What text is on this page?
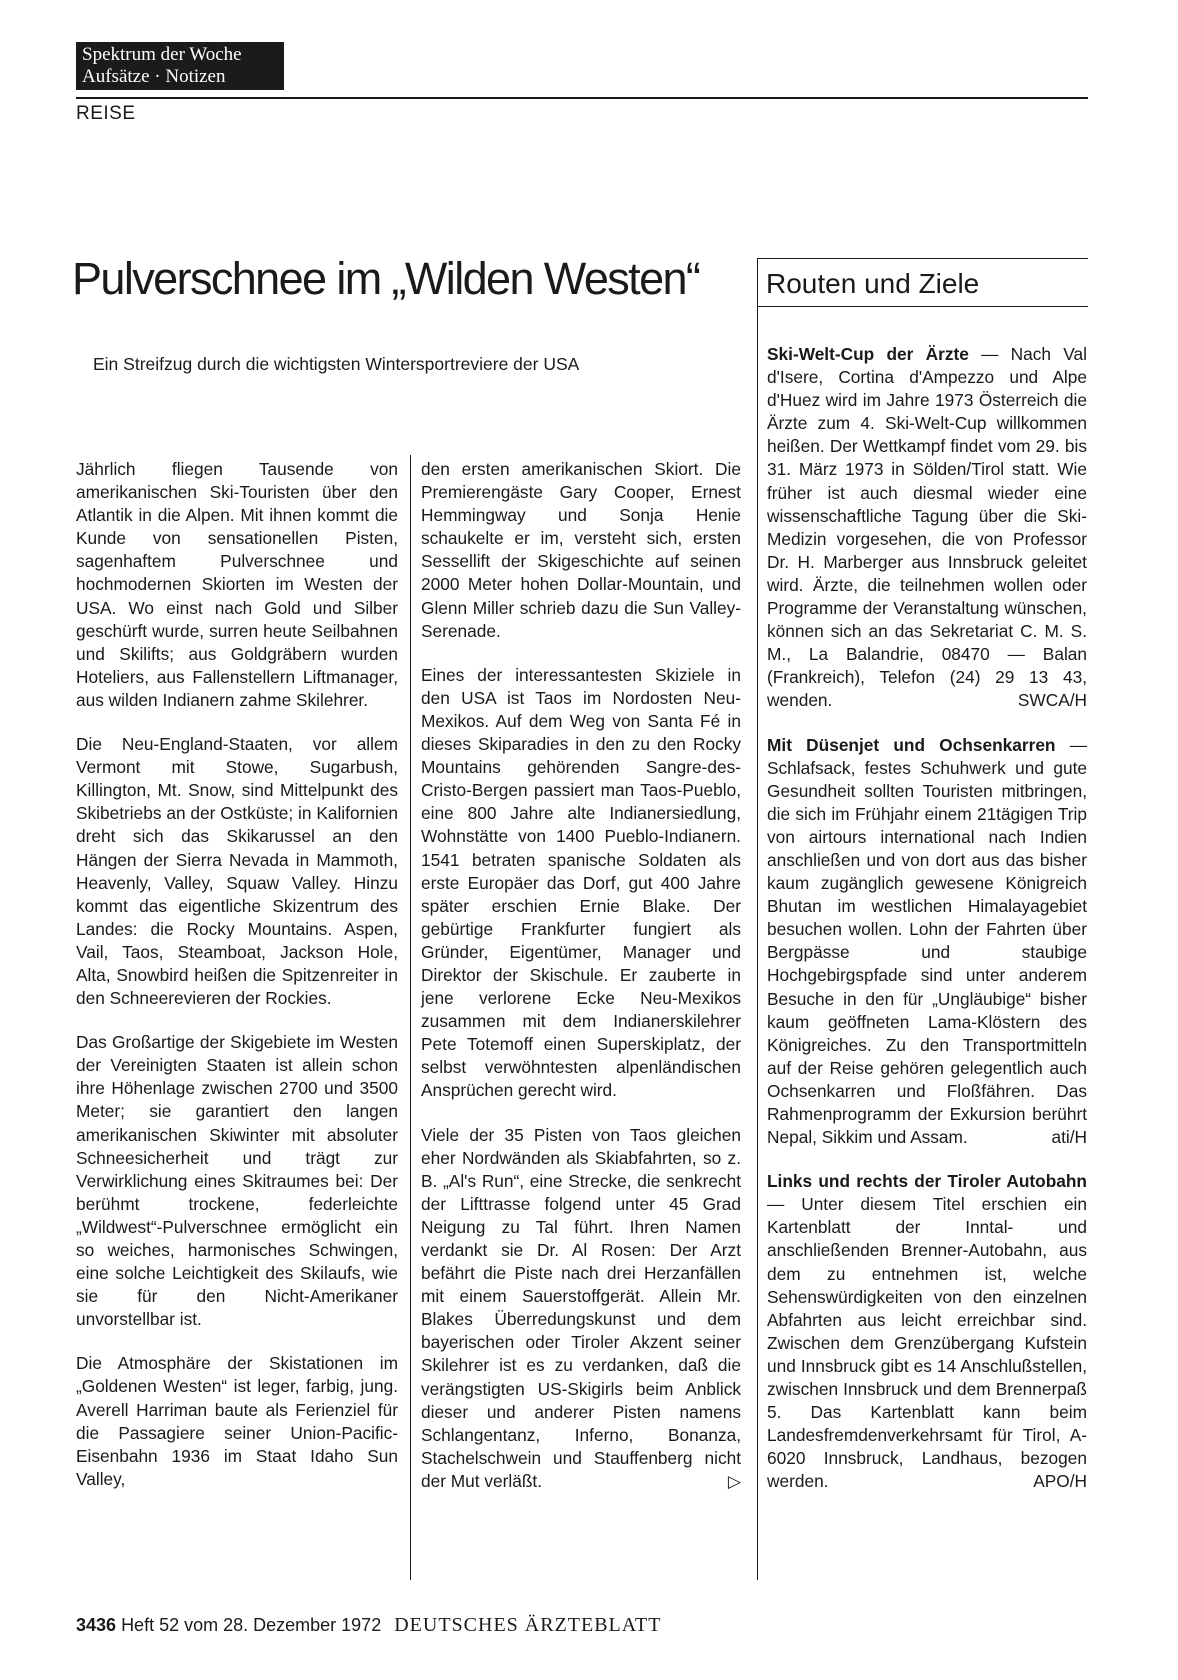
Spektrum der Woche
Aufsätze · Notizen
REISE
Pulverschnee im „Wilden Westen“	Routen und Ziele
Ein Streifzug durch die wichtigsten Wintersportreviere der USA

Jährlich fliegen Tausende von amerikanischen Ski-Touristen über den Atlantik in die Alpen. Mit ihnen kommt die Kunde von sensationellen Pisten, sagenhaftem Pulverschnee und hochmodernen Skiorten im Westen der USA. Wo einst nach Gold und Silber geschürft wurde, surren heute Seilbahnen und Skilifts; aus Goldgräbern wurden Hoteliers, aus Fallenstellern Liftmanager, aus wilden Indianern zahme Skilehrer.

Die Neu-England-Staaten, vor allem Vermont mit Stowe, Sugarbush, Killington, Mt. Snow, sind Mittelpunkt des Skibetriebs an der Ostküste; in Kalifornien dreht sich das Skikarussel an den Hängen der Sierra Nevada in Mammoth, Heavenly, Valley, Squaw Valley. Hinzu kommt das eigentliche Skizentrum des Landes: die Rocky Mountains. Aspen, Vail, Taos, Steamboat, Jackson Hole, Alta, Snowbird heißen die Spitzenreiter in den Schneerevieren der Rockies.

Das Großartige der Skigebiete im Westen der Vereinigten Staaten ist allein schon ihre Höhenlage zwischen 2700 und 3500 Meter; sie garantiert den langen amerikanischen Skiwinter mit absoluter Schneesicherheit und trägt zur Verwirklichung eines Skitraumes bei: Der berühmt trockene, federleichte „Wildwest“-Pulverschnee ermöglicht ein so weiches, harmonisches Schwingen, eine solche Leichtigkeit des Skilaufs, wie sie für den Nicht-Amerikaner unvorstellbar ist.

Die Atmosphäre der Skistationen im „Goldenen Westen“ ist leger, farbig, jung. Averell Harriman baute als Ferienziel für die Passagiere seiner Union-Pacific-Eisenbahn 1936 im Staat Idaho Sun Valley,

den ersten amerikanischen Skiort. Die Premierengäste Gary Cooper, Ernest Hemmingway und Sonja Henie schaukelte er im, versteht sich, ersten Sessellift der Skigeschichte auf seinen 2000 Meter hohen Dollar-Mountain, und Glenn Miller schrieb dazu die Sun Valley-Serenade.

Eines der interessantesten Skiziele in den USA ist Taos im Nordosten Neu-Mexikos. Auf dem Weg von Santa Fé in dieses Skiparadies in den zu den Rocky Mountains gehörenden Sangre-des-Cristo-Bergen passiert man Taos-Pueblo, eine 800 Jahre alte Indianersiedlung, Wohnstätte von 1400 Pueblo-Indianern. 1541 betraten spanische Soldaten als erste Europäer das Dorf, gut 400 Jahre später erschien Ernie Blake. Der gebürtige Frankfurter fungiert als Gründer, Eigentümer, Manager und Direktor der Skischule. Er zauberte in jene verlorene Ecke Neu-Mexikos zusammen mit dem Indianerskilehrer Pete Totemoff einen Superskiplatz, der selbst verwöhntesten alpenländischen Ansprüchen gerecht wird.

Viele der 35 Pisten von Taos gleichen eher Nordwänden als Skiabfahrten, so z. B. „Al's Run“, eine Strecke, die senkrecht der Lifttrasse folgend unter 45 Grad Neigung zu Tal führt. Ihren Namen verdankt sie Dr. Al Rosen: Der Arzt befährt die Piste nach drei Herzanfällen mit einem Sauerstoffgerät. Allein Mr. Blakes Überredungskunst und dem bayerischen oder Tiroler Akzent seiner Skilehrer ist es zu verdanken, daß die verängstigten US-Skigirls beim Anblick dieser und anderer Pisten namens Schlangentanz, Inferno, Bonanza, Stachelschwein und Stauffenberg nicht der Mut verläßt.	▷

Ski-Welt-Cup der Ärzte — Nach Val d'Isere, Cortina d'Ampezzo und Alpe d'Huez wird im Jahre 1973 Österreich die Ärzte zum 4. Ski-Welt-Cup willkommen heißen. Der Wettkampf findet vom 29. bis 31. März 1973 in Sölden/Tirol statt. Wie früher ist auch diesmal wieder eine wissenschaftliche Tagung über die Ski-Medizin vorgesehen, die von Professor Dr. H. Marberger aus Innsbruck geleitet wird. Ärzte, die teilnehmen wollen oder Programme der Veranstaltung wünschen, können sich an das Sekretariat C. M. S. M., La Balandrie, 08470 — Balan (Frankreich), Telefon (24) 29 13 43, wenden.	SWCA/H

Mit Düsenjet und Ochsenkarren — Schlafsack, festes Schuhwerk und gute Gesundheit sollten Touristen mitbringen, die sich im Frühjahr einem 21tägigen Trip von airtours international nach Indien anschließen und von dort aus das bisher kaum zugänglich gewesene Königreich Bhutan im westlichen Himalayagebiet besuchen wollen. Lohn der Fahrten über Bergpässe und staubige Hochgebirgspfade sind unter anderem Besuche in den für „Ungläubige“ bisher kaum geöffneten Lama-Klöstern des Königreiches. Zu den Transportmitteln auf der Reise gehören gelegentlich auch Ochsenkarren und Floßfähren. Das Rahmenprogramm der Exkursion berührt Nepal, Sikkim und Assam.	ati/H

Links und rechts der Tiroler Autobahn — Unter diesem Titel erschien ein Kartenblatt der Inntal- und anschließenden Brenner-Autobahn, aus dem zu entnehmen ist, welche Sehenswürdigkeiten von den einzelnen Abfahrten aus leicht erreichbar sind. Zwischen dem Grenzübergang Kufstein und Innsbruck gibt es 14 Anschlußstellen, zwischen Innsbruck und dem Brennerpaß 5. Das Kartenblatt kann beim Landesfremdenverkehrsamt für Tirol, A-6020 Innsbruck, Landhaus, bezogen werden.	APO/H

3436 Heft 52 vom 28. Dezember 1972 DEUTSCHES ÄRZTEBLATT
